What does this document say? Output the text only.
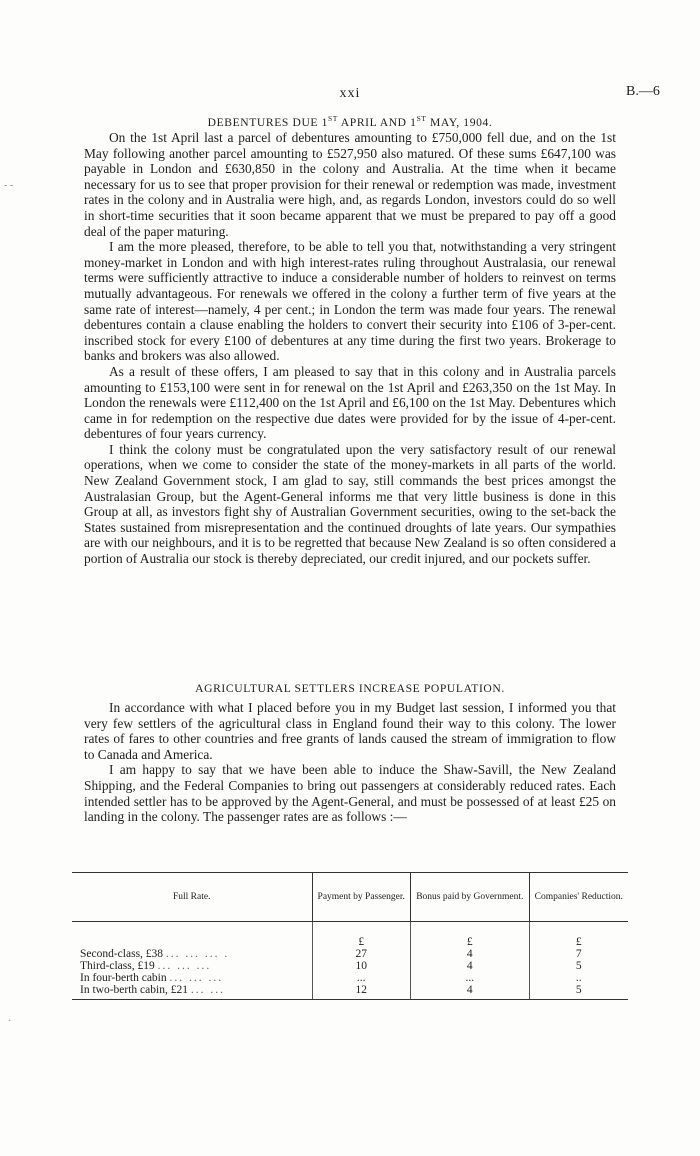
xxi	B.—6
- -
·
DEBENTURES DUE 1ST APRIL AND 1ST MAY, 1904.

On the 1st April last a parcel of debentures amounting to £750,000 fell due, and on the 1st May following another parcel amounting to £527,950 also matured. Of these sums £647,100 was payable in London and £630,850 in the colony and Australia. At the time when it became necessary for us to see that proper provision for their renewal or redemption was made, investment rates in the colony and in Australia were high, and, as regards London, investors could do so well in short-time securities that it soon became apparent that we must be prepared to pay off a good deal of the paper maturing.

I am the more pleased, therefore, to be able to tell you that, notwithstanding a very stringent money-market in London and with high interest-rates ruling throughout Australasia, our renewal terms were sufficiently attractive to induce a considerable number of holders to reinvest on terms mutually advantageous. For renewals we offered in the colony a further term of five years at the same rate of interest—namely, 4 per cent.; in London the term was made four years. The renewal debentures contain a clause enabling the holders to convert their security into £106 of 3-per-cent. inscribed stock for every £100 of debentures at any time during the first two years. Brokerage to banks and brokers was also allowed.

As a result of these offers, I am pleased to say that in this colony and in Australia parcels amounting to £153,100 were sent in for renewal on the 1st April and £263,350 on the 1st May. In London the renewals were £112,400 on the 1st April and £6,100 on the 1st May. Debentures which came in for redemption on the respective due dates were provided for by the issue of 4-per-cent. debentures of four years currency.

I think the colony must be congratulated upon the very satisfactory result of our renewal operations, when we come to consider the state of the money-markets in all parts of the world. New Zealand Government stock, I am glad to say, still commands the best prices amongst the Australasian Group, but the Agent-General informs me that very little business is done in this Group at all, as investors fight shy of Australian Government securities, owing to the set-back the States sustained from misrepresentation and the continued droughts of late years. Our sympathies are with our neighbours, and it is to be regretted that because New Zealand is so often considered a portion of Australia our stock is thereby depreciated, our credit injured, and our pockets suffer.

AGRICULTURAL SETTLERS INCREASE POPULATION.

In accordance with what I placed before you in my Budget last session, I informed you that very few settlers of the agricultural class in England found their way to this colony. The lower rates of fares to other countries and free grants of lands caused the stream of immigration to flow to Canada and America.

I am happy to say that we have been able to induce the Shaw-Savill, the New Zealand Shipping, and the Federal Companies to bring out passengers at considerably reduced rates. Each intended settler has to be approved by the Agent-General, and must be possessed of at least £25 on landing in the colony. The passenger rates are as follows :—

Full Rate.	Payment by Passenger.	Bonus paid by Government.	Companies' Reduction.
	£	£	£
Second-class, £38 ... ... ... .	27	4	7
Third-class, £19 ... ... ...	10	4	5
In four-berth cabin ... ... ...	...	...	..
In two-berth cabin, £21 ... ...	12	4	5
